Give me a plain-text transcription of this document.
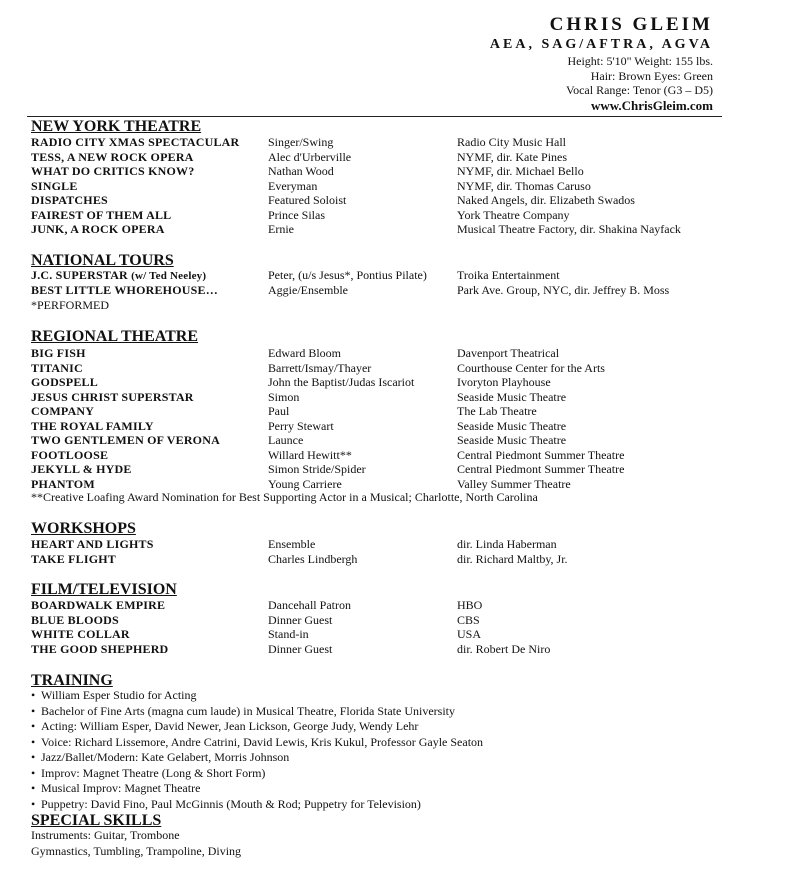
CHRIS GLEIM
AEA, SAG/AFTRA, AGVA
Height: 5'10" Weight: 155 lbs.
Hair: Brown Eyes: Green
Vocal Range: Tenor (G3 – D5)
www.ChrisGleim.com
NEW YORK THEATRE
RADIO CITY XMAS SPECTACULAR Singer/Swing	Radio City Music Hall
TESS, A NEW ROCK OPERA	Alec d'Urberville	NYMF, dir. Kate Pines
WHAT DO CRITICS KNOW?	Nathan Wood	NYMF, dir. Michael Bello
SINGLE	Everyman	NYMF, dir. Thomas Caruso
DISPATCHES	Featured Soloist	Naked Angels, dir. Elizabeth Swados
FAIREST OF THEM ALL	Prince Silas	York Theatre Company
JUNK, A ROCK OPERA	Ernie	Musical Theatre Factory, dir. Shakina Nayfack
NATIONAL TOURS
J.C. SUPERSTAR (w/ Ted Neeley)	Peter, (u/s Jesus*, Pontius Pilate)	Troika Entertainment
BEST LITTLE WHOREHOUSE…	Aggie/Ensemble	Park Ave. Group, NYC, dir. Jeffrey B. Moss
*PERFORMED
REGIONAL THEATRE
BIG FISH	Edward Bloom	Davenport Theatrical
TITANIC	Barrett/Ismay/Thayer	Courthouse Center for the Arts
GODSPELL	John the Baptist/Judas Iscariot	Ivoryton Playhouse
JESUS CHRIST SUPERSTAR	Simon	Seaside Music Theatre
COMPANY	Paul	The Lab Theatre
THE ROYAL FAMILY	Perry Stewart	Seaside Music Theatre
TWO GENTLEMEN OF VERONA	Launce	Seaside Music Theatre
FOOTLOOSE	Willard Hewitt**	Central Piedmont Summer Theatre
JEKYLL & HYDE	Simon Stride/Spider	Central Piedmont Summer Theatre
PHANTOM	Young Carriere	Valley Summer Theatre
**Creative Loafing Award Nomination for Best Supporting Actor in a Musical; Charlotte, North Carolina
WORKSHOPS
HEART AND LIGHTS	Ensemble	dir. Linda Haberman
TAKE FLIGHT	Charles Lindbergh	dir. Richard Maltby, Jr.
FILM/TELEVISION
BOARDWALK EMPIRE	Dancehall Patron	HBO
BLUE BLOODS	Dinner Guest	CBS
WHITE COLLAR	Stand-in	USA
THE GOOD SHEPHERD	Dinner Guest	dir. Robert De Niro
TRAINING
• William Esper Studio for Acting
• Bachelor of Fine Arts (magna cum laude) in Musical Theatre, Florida State University
• Acting: William Esper, David Newer, Jean Lickson, George Judy, Wendy Lehr
• Voice: Richard Lissemore, Andre Catrini, David Lewis, Kris Kukul, Professor Gayle Seaton
• Jazz/Ballet/Modern: Kate Gelabert, Morris Johnson
• Improv: Magnet Theatre (Long & Short Form)
• Musical Improv: Magnet Theatre
• Puppetry: David Fino, Paul McGinnis (Mouth & Rod; Puppetry for Television)
SPECIAL SKILLS
Instruments: Guitar, Trombone
Gymnastics, Tumbling, Trampoline, Diving
